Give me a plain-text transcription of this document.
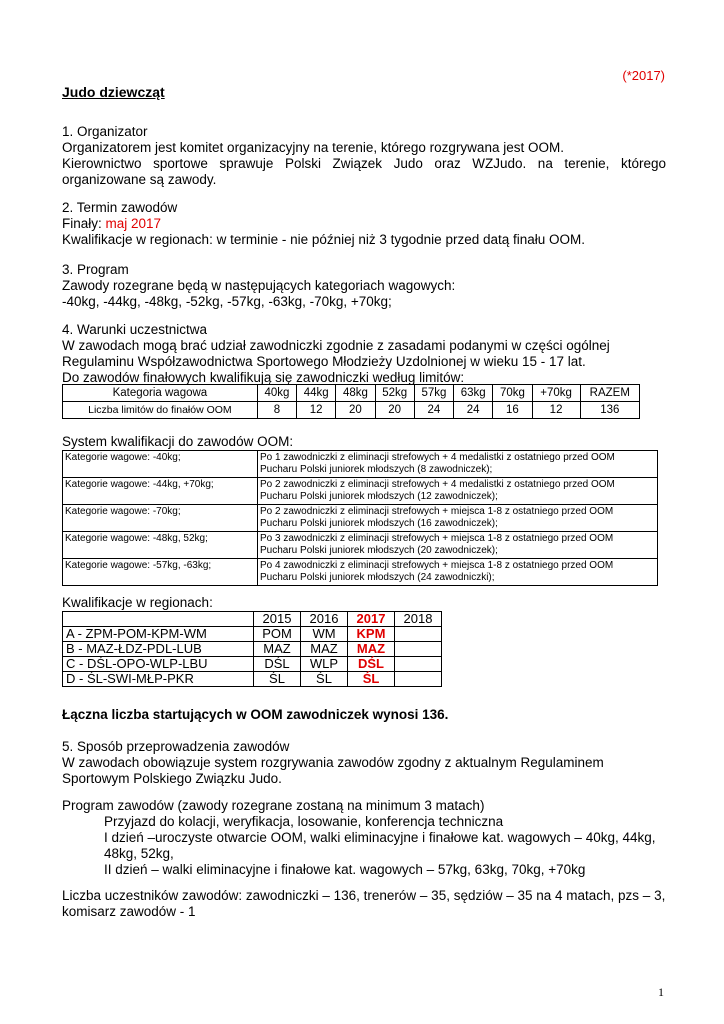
(*2017)
Judo dziewcząt

1. Organizator

Organizatorem jest komitet organizacyjny na terenie, którego rozgrywana jest OOM.

Kierownictwo sportowe sprawuje Polski Związek Judo oraz WZJudo. na terenie, którego organizowane są zawody.

2. Termin zawodów

Finały: maj 2017

Kwalifikacje w regionach: w terminie - nie później niż 3 tygodnie przed datą finału OOM.

3. Program

Zawody rozegrane będą w następujących kategoriach wagowych:

-40kg, -44kg, -48kg, -52kg, -57kg, -63kg, -70kg, +70kg;

4. Warunki uczestnictwa

W zawodach mogą brać udział zawodniczki zgodnie z zasadami podanymi w części ogólnej

Regulaminu Współzawodnictwa Sportowego Młodzieży Uzdolnionej w wieku 15 - 17 lat.

Do zawodów finałowych kwalifikują się zawodniczki według limitów:

Kategoria wagowa	40kg	44kg	48kg	52kg	57kg	63kg	70kg	+70kg	RAZEM
Liczba limitów do finałów OOM	8	12	20	20	24	24	16	12	136
System kwalifikacji do zawodów OOM:
Kategorie wagowe: -40kg;	Po 1 zawodniczki z eliminacji strefowych + 4 medalistki z ostatniego przed OOM
Pucharu Polski juniorek młodszych (8 zawodniczek);

Kategorie wagowe: -44kg, +70kg;	Po 2 zawodniczki z eliminacji strefowych + 4 medalistki z ostatniego przed OOM
Pucharu Polski juniorek młodszych (12 zawodniczek);

Kategorie wagowe: -70kg;	Po 2 zawodniczki z eliminacji strefowych + miejsca 1-8 z ostatniego przed OOM
Pucharu Polski juniorek młodszych (16 zawodniczek);

Kategorie wagowe: -48kg, 52kg;	Po 3 zawodniczki z eliminacji strefowych + miejsca 1-8 z ostatniego przed OOM
Pucharu Polski juniorek młodszych (20 zawodniczek);

Kategorie wagowe: -57kg, -63kg;	Po 4 zawodniczki z eliminacji strefowych + miejsca 1-8 z ostatniego przed OOM
Pucharu Polski juniorek młodszych (24 zawodniczki);
Kwalifikacje w regionach:
	2015	2016	2017	2018
A - ZPM-POM-KPM-WM	POM	WM	KPM	
B - MAZ-ŁDZ-PDL-LUB	MAZ	MAZ	MAZ	
C - DŚL-OPO-WLP-LBU	DŚL	WLP	DŚL	
D - ŚL-SWI-MŁP-PKR	ŚL	ŚL	ŚL	
Łączna liczba startujących w OOM zawodniczek wynosi 136.

5. Sposób przeprowadzenia zawodów

W zawodach obowiązuje system rozgrywania zawodów zgodny z aktualnym Regulaminem

Sportowym Polskiego Związku Judo.

Program zawodów (zawody rozegrane zostaną na minimum 3 matach)

Przyjazd do kolacji, weryfikacja, losowanie, konferencja techniczna

I dzień –uroczyste otwarcie OOM, walki eliminacyjne i finałowe kat. wagowych – 40kg, 44kg, 48kg, 52kg,

II dzień – walki eliminacyjne i finałowe kat. wagowych – 57kg, 63kg, 70kg, +70kg

Liczba uczestników zawodów: zawodniczki – 136, trenerów – 35, sędziów – 35 na 4 matach, pzs – 3, komisarz zawodów - 1
1
